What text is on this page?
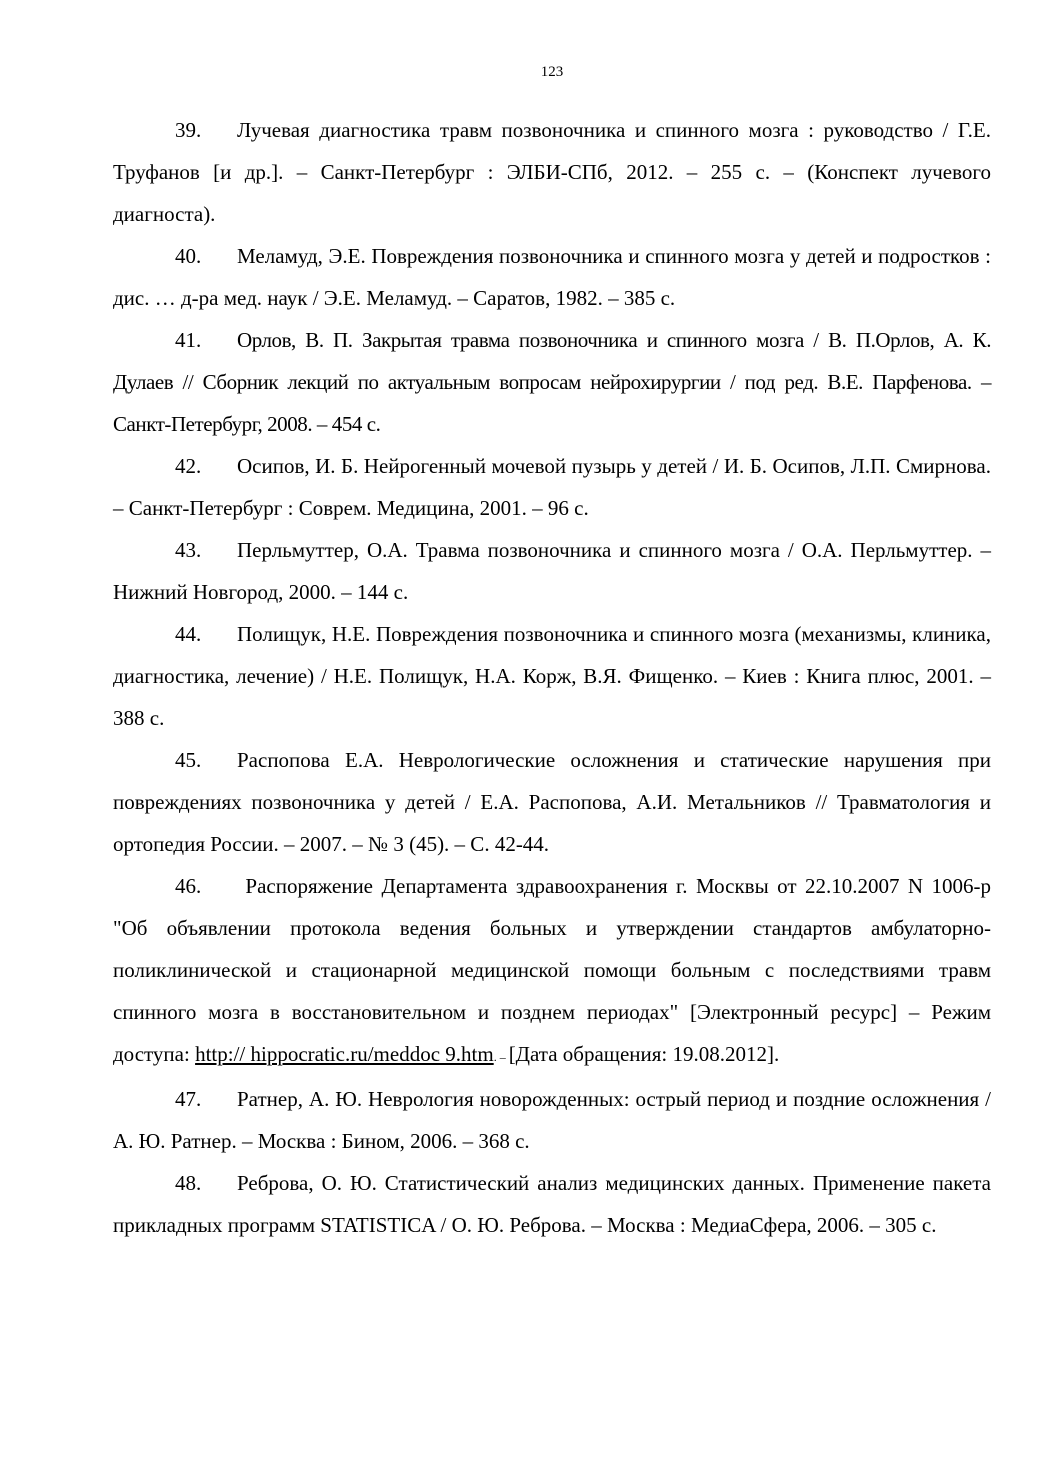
123

39. Лучевая диагностика травм позвоночника и спинного мозга : руководство / Г.Е. Труфанов [и др.]. – Санкт-Петербург : ЭЛБИ-СПб, 2012. – 255 с. – (Конспект лучевого диагноста).

40. Меламуд, Э.Е. Повреждения позвоночника и спинного мозга у детей и подростков : дис. … д-ра мед. наук / Э.Е. Меламуд. – Саратов, 1982. – 385 с.

41. Орлов, В. П. Закрытая травма позвоночника и спинного мозга / В. П.Орлов, А. К. Дулаев // Сборник лекций по актуальным вопросам нейрохирургии / под ред. В.Е. Парфенова. – Санкт-Петербург, 2008. – 454 с.

42. Осипов, И. Б. Нейрогенный мочевой пузырь у детей / И. Б. Осипов, Л.П. Смирнова. – Санкт-Петербург : Соврем. Медицина, 2001. – 96 с.

43. Перльмуттер, О.А. Травма позвоночника и спинного мозга / О.А. Перльмуттер. – Нижний Новгород, 2000. – 144 с.

44. Полищук, Н.Е. Повреждения позвоночника и спинного мозга (механизмы, клиника, диагностика, лечение) / Н.Е. Полищук, Н.А. Корж, В.Я. Фищенко. – Киев : Книга плюс, 2001. – 388 с.

45. Распопова Е.А. Неврологические осложнения и статические нарушения при повреждениях позвоночника у детей / Е.А. Распопова, А.И. Метальников // Травматология и ортопедия России. – 2007. – № 3 (45). – С. 42-44.

46. Распоряжение Департамента здравоохранения г. Москвы от 22.10.2007 N 1006-р "Об объявлении протокола ведения больных и утверждении стандартов амбулаторно-поликлинической и стационарной медицинской помощи больным с последствиями травм спинного мозга в восстановительном и позднем периодах" [Электронный ресурс] – Режим доступа: http:// hippocratic.ru/meddoc 9.htm. – [Дата обращения: 19.08.2012].

47. Ратнер, А. Ю. Неврология новорожденных: острый период и поздние осложнения / А. Ю. Ратнер. – Москва : Бином, 2006. – 368 с.

48. Реброва, О. Ю. Статистический анализ медицинских данных. Применение пакета прикладных программ STATISTICA / О. Ю. Реброва. – Москва : МедиаСфера, 2006. – 305 с.
